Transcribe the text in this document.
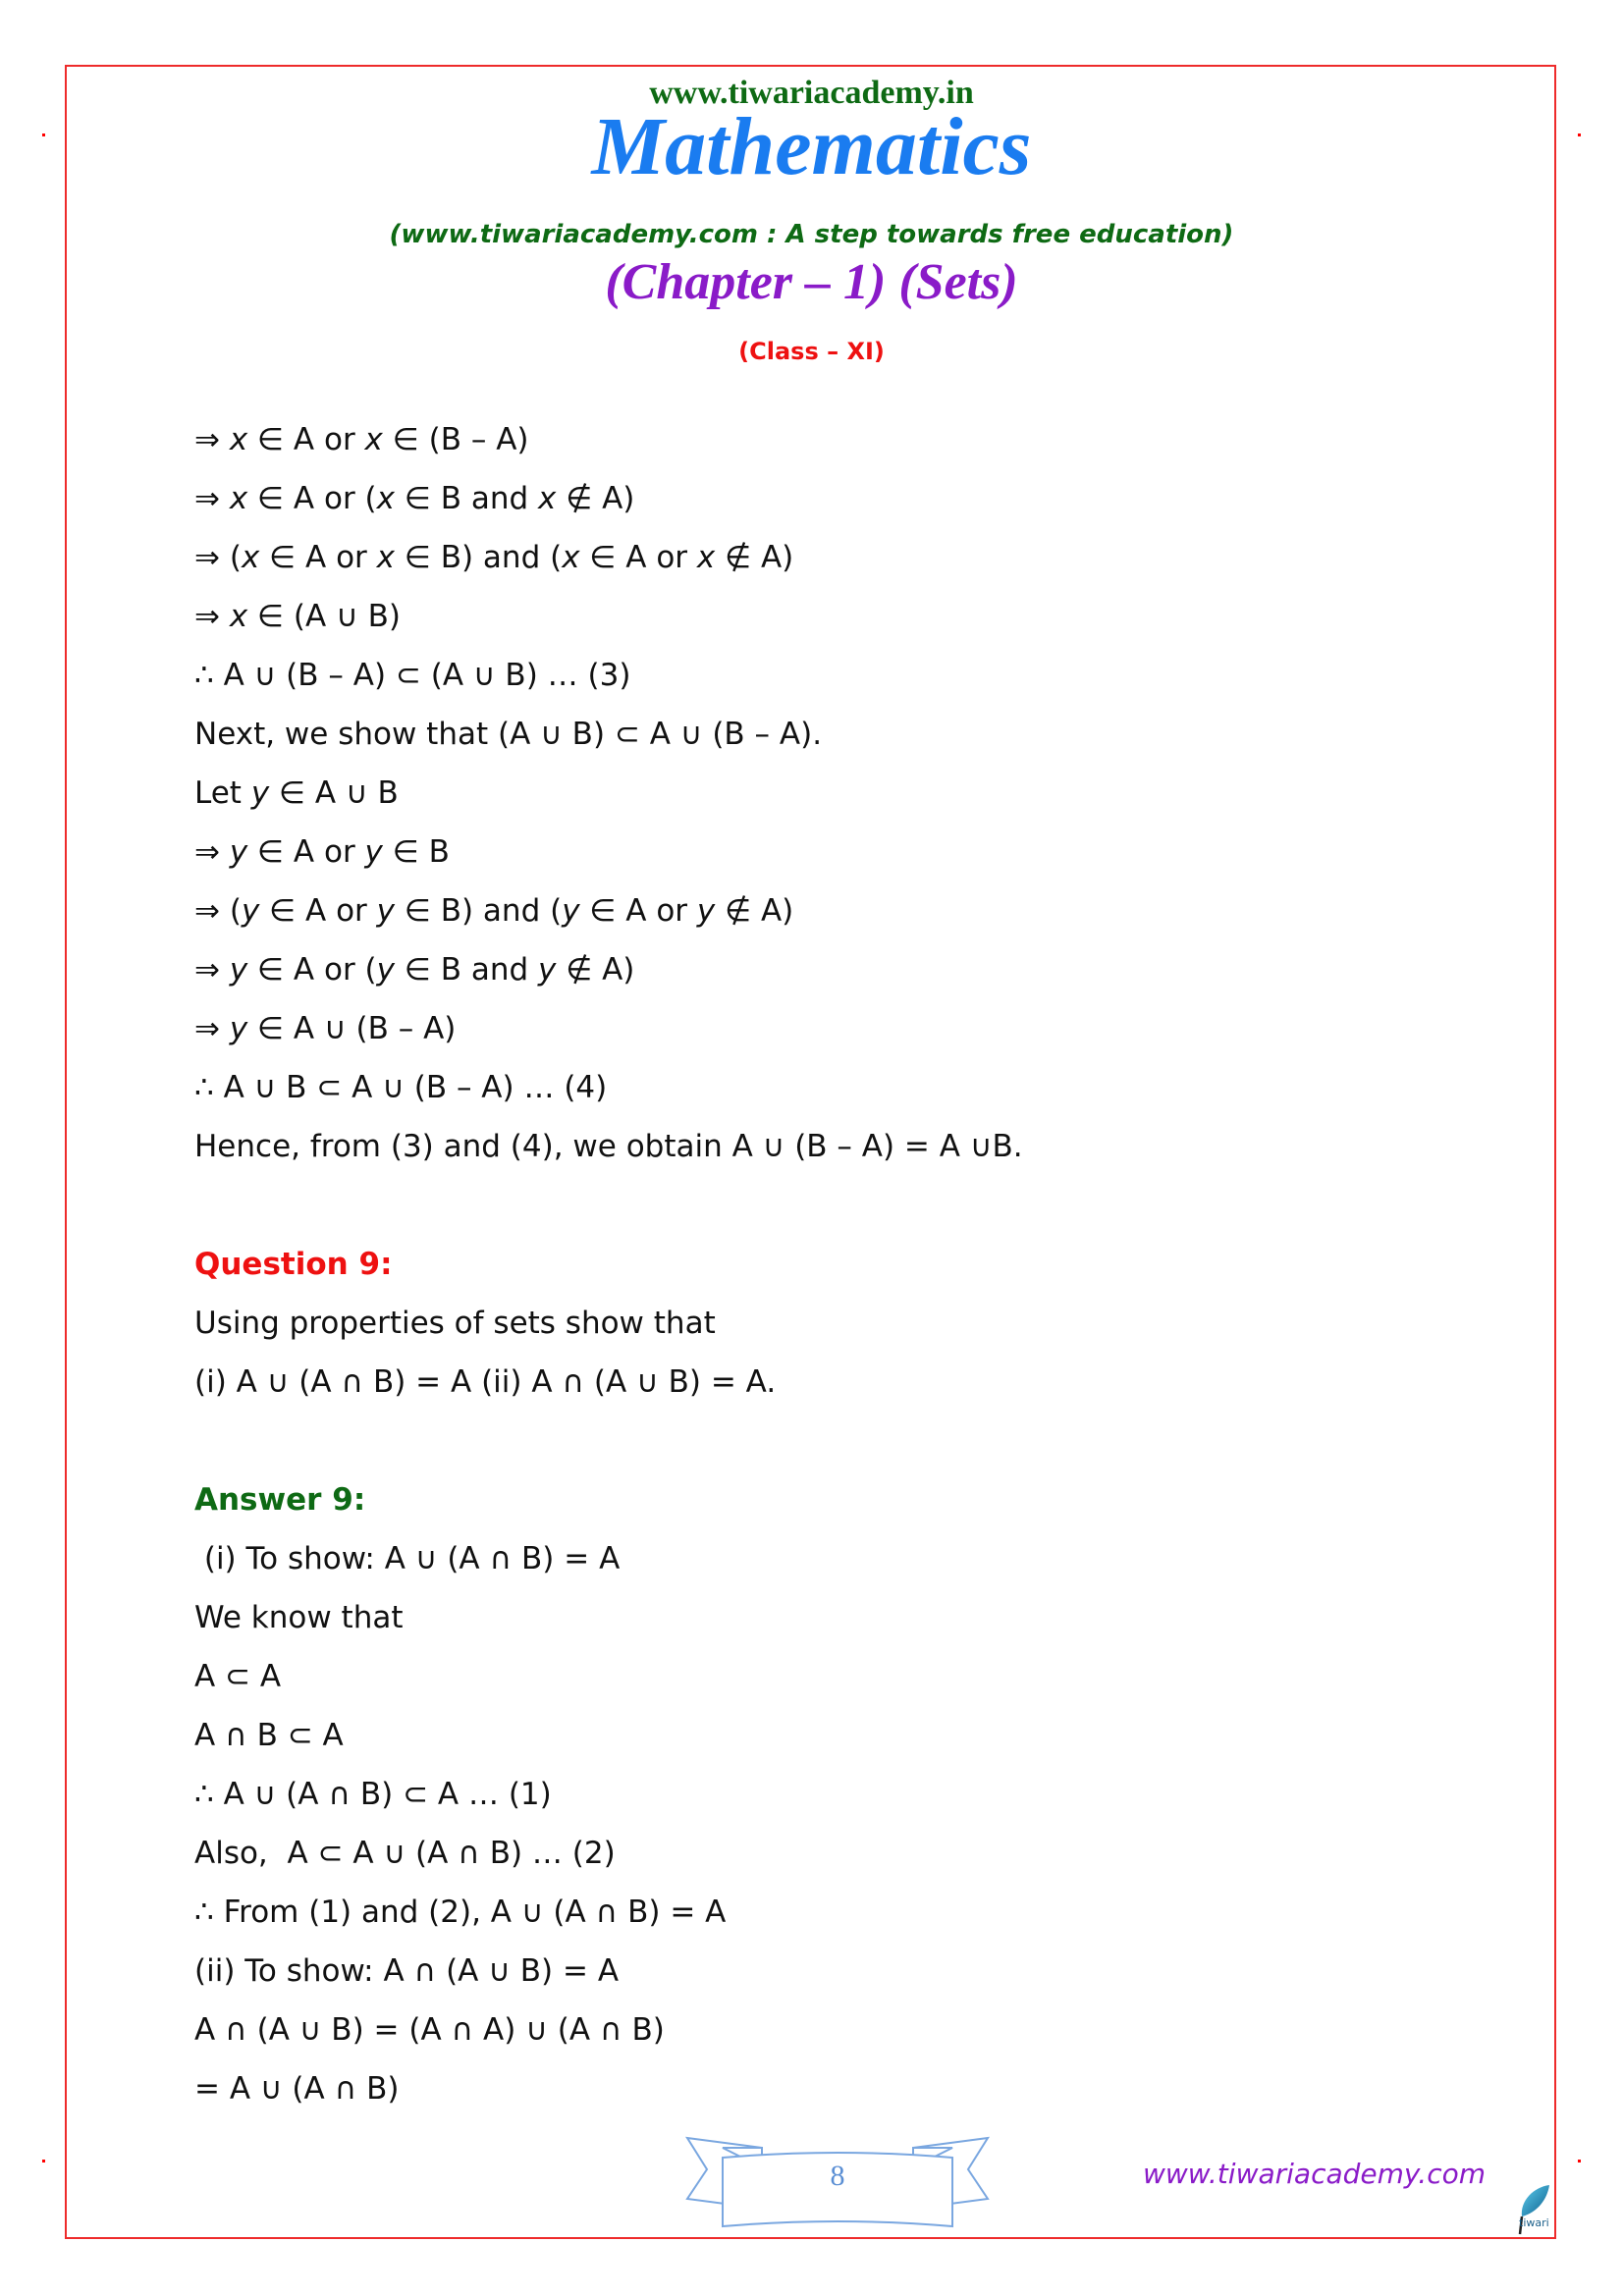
www.tiwariacademy.in
Mathematics
(www.tiwariacademy.com : A step towards free education)
(Chapter – 1) (Sets)
(Class – XI)
⇒ x ∈ A or x ∈ (B – A)
⇒ x ∈ A or (x ∈ B and x ∉ A)
⇒ (x ∈ A or x ∈ B) and (x ∈ A or x ∉ A)
⇒ x ∈ (A ∪ B)
∴ A ∪ (B – A) ⊂ (A ∪ B) … (3)
Next, we show that (A ∪ B) ⊂ A ∪ (B – A).
Let y ∈ A ∪ B
⇒ y ∈ A or y ∈ B
⇒ (y ∈ A or y ∈ B) and (y ∈ A or y ∉ A)
⇒ y ∈ A or (y ∈ B and y ∉ A)
⇒ y ∈ A ∪ (B – A)
∴ A ∪ B ⊂ A ∪ (B – A) … (4)
Hence, from (3) and (4), we obtain A ∪ (B – A) = A ∪B.
Question 9:
Using properties of sets show that
(i) A ∪ (A ∩ B) = A (ii) A ∩ (A ∪ B) = A.
Answer 9:
(i) To show: A ∪ (A ∩ B) = A
We know that
A ⊂ A
A ∩ B ⊂ A
∴ A ∪ (A ∩ B) ⊂ A … (1)
Also,  A ⊂ A ∪ (A ∩ B) … (2)
∴ From (1) and (2), A ∪ (A ∩ B) = A
(ii) To show: A ∩ (A ∪ B) = A
A ∩ (A ∪ B) = (A ∩ A) ∪ (A ∩ B)
= A ∪ (A ∩ B)
8	www.tiwariacademy.com
tiwari
